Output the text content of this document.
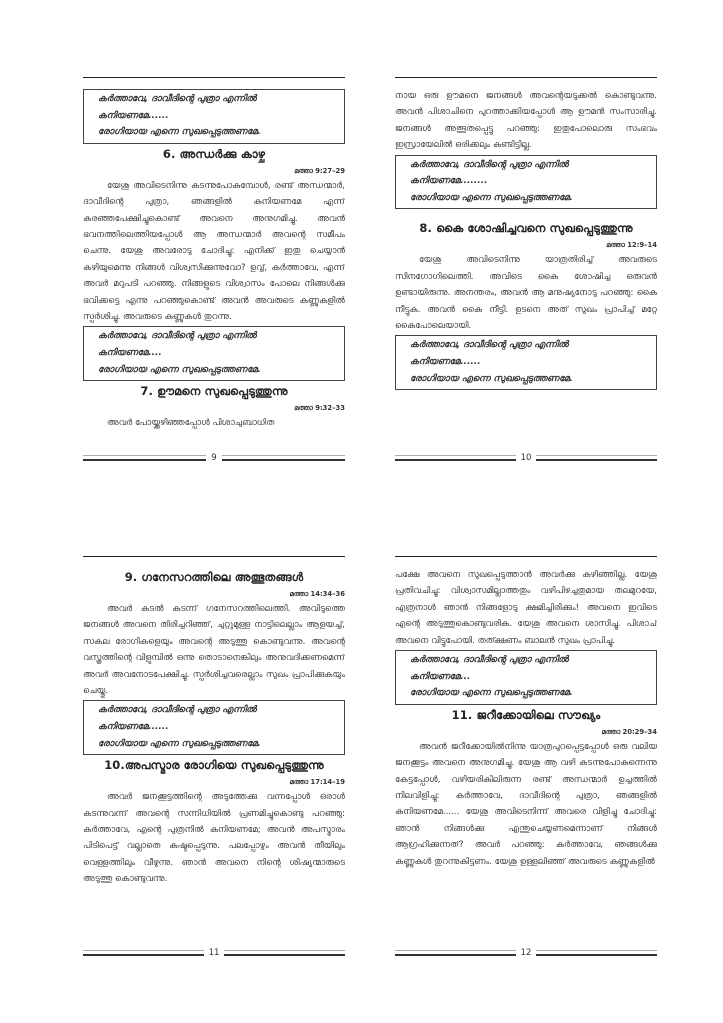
കർത്താവേ, ദാവീദിന്റെ പുത്രാ എന്നിൽ
കനിയണമേ......
രോഗിയായ എന്നെ സുഖപ്പെടുത്തണമേ.
6. അന്ധർക്കു കാഴ്ച
മത്താ 9:27–29

യേശു അവിടെനിന്നു കടന്നുപോകുമ്പോൾ, രണ്ട് അന്ധന്മാർ, ദാവീദിന്റെ പുത്രാ, ഞങ്ങളിൽ കനിയണമേ എന്ന് കരഞ്ഞപേക്ഷിച്ചുകൊണ്ട് അവനെ അനുഗമിച്ചു. അവൻ ഭവനത്തിലെത്തിയപ്പോൾ ആ അന്ധന്മാർ അവന്റെ സമീപം ചെന്നു. യേശു അവരോടു ചോദിച്ചു: എനിക്ക് ഇതു ചെയ്യാൻ കഴിയുമെന്നു നിങ്ങൾ വിശ്വസിക്കുന്നുവോ? ഉവ്വ്, കർത്താവേ, എന്ന് അവർ മറുപടി പറഞ്ഞു. നിങ്ങളുടെ വിശ്വാസം പോലെ നിങ്ങൾക്കു ഭവിക്കട്ടെ എന്നു പറഞ്ഞുകൊണ്ട് അവൻ അവരുടെ കണ്ണുകളിൽ സ്പർശിച്ചു. അവരുടെ കണ്ണുകൾ തുറന്നു.

കർത്താവേ, ദാവീദിന്റെ പുത്രാ എന്നിൽ
കനിയണമേ....
രോഗിയായ എന്നെ സുഖപ്പെടുത്തണമേ.
7. ഊമനെ സുഖപ്പെടുത്തുന്നു
മത്താ 9:32–33

അവർ പോയ്ക്കഴിഞ്ഞപ്പോൾ പിശാചുബാധിത

9

നായ ഒരു ഊമനെ ജനങ്ങൾ അവന്റെയടുക്കൽ കൊണ്ടുവന്നു. അവൻ പിശാചിനെ പുറത്താക്കിയപ്പോൾ ആ ഊമൻ സംസാരിച്ചു. ജനങ്ങൾ അത്ഭുതപ്പെട്ടു പറഞ്ഞു: ഇതുപോലൊരു സംഭവം ഇസ്രായേലിൽ ഒരിക്കലും കണ്ടിട്ടില്ല.

കർത്താവേ, ദാവീദിന്റെ പുത്രാ എന്നിൽ
കനിയണമേ........
രോഗിയായ എന്നെ സുഖപ്പെടുത്തണമേ.
8. കൈ ശോഷിച്ചവനെ സുഖപ്പെടുത്തുന്നു
മത്താ 12:9–14

യേശു അവിടെനിന്നു യാത്രതിരിച്ച് അവരുടെ സിനഗോഗിലെത്തി. അവിടെ കൈ ശോഷിച്ച ഒരുവൻ ഉണ്ടായിരുന്നു. അനന്തരം, അവൻ ആ മനുഷ്യനോടു പറഞ്ഞു: കൈ നീട്ടുക. അവൻ കൈ നീട്ടി. ഉടനെ അത് സുഖം പ്രാപിച്ച് മറ്റേ കൈപോലെയായി.

കർത്താവേ, ദാവീദിന്റെ പുത്രാ എന്നിൽ
കനിയണമേ......
രോഗിയായ എന്നെ സുഖപ്പെടുത്തണമേ.
10
9. ഗനേസറത്തിലെ അത്ഭുതങ്ങൾ
മത്താ 14:34–36

അവർ കടൽ കടന്ന് ഗനേസറത്തിലെത്തി. അവിടുത്തെ ജനങ്ങൾ അവനെ തിരിച്ചറിഞ്ഞ്, ചുറ്റുമുള്ള നാട്ടിലെല്ലാം ആളയച്ച്, സകല രോഗികളെയും അവന്റെ അടുത്തു കൊണ്ടുവന്നു. അവന്റെ വസ്ത്രത്തിന്റെ വിളുമ്പിൽ ഒന്നു തൊടാനെങ്കിലും അനുവദിക്കണമെന്ന് അവർ അവനോടപേക്ഷിച്ചു. സ്പർശിച്ചവരെല്ലാം സുഖം പ്രാപിക്കുകയും ചെയ്തു.

കർത്താവേ, ദാവീദിന്റെ പുത്രാ എന്നിൽ
കനിയണമേ......
രോഗിയായ എന്നെ സുഖപ്പെടുത്തണമേ.
10.അപസ്മാര രോഗിയെ സുഖപ്പെടുത്തുന്നു
മത്താ 17:14–19

അവർ ജനക്കൂട്ടത്തിന്റെ അടുത്തേക്കു വന്നപ്പോൾ ഒരാൾ കടന്നുവന്ന് അവന്റെ സന്നിധിയിൽ പ്രണമിച്ചുകൊണ്ടു പറഞ്ഞു: കർത്താവേ, എന്റെ പുത്രനിൽ കനിയണമേ; അവൻ അപസ്മാരം പിടിപെട്ട് വല്ലാതെ കഷ്ടപ്പെടുന്നു. പലപ്പോഴും അവൻ തീയിലും വെള്ളത്തിലും വീഴുന്നു. ഞാൻ അവനെ നിന്റെ ശിഷ്യന്മാരുടെ അടുത്തു കൊണ്ടുവന്നു.

11

പക്ഷേ അവനെ സുഖപ്പെടുത്താൻ അവർക്കു കഴിഞ്ഞില്ല. യേശു പ്രതിവചിച്ചു: വിശ്വാസമില്ലാത്തതും വഴിപിഴച്ചതുമായ തലമുറയേ, എത്രനാൾ ഞാൻ നിങ്ങളോടു ക്ഷമിച്ചിരിക്കും! അവനെ ഇവിടെ എന്റെ അടുത്തുകൊണ്ടുവരിക. യേശു അവനെ ശാസിച്ചു. പിശാച് അവനെ വിട്ടുപോയി. തത്ക്ഷണം ബാലൻ സുഖം പ്രാപിച്ചു.

കർത്താവേ, ദാവീദിന്റെ പുത്രാ എന്നിൽ
കനിയണമേ...
രോഗിയായ എന്നെ സുഖപ്പെടുത്തണമേ.
11. ജറീക്കോയിലെ സൗഖ്യം
മത്താ 20:29–34

അവൻ ജറീക്കോയിൽനിന്നു യാത്രപുറപ്പെട്ടപ്പോൾ ഒരു വലിയ ജനക്കൂട്ടം അവനെ അനുഗമിച്ചു. യേശു ആ വഴി കടന്നുപോകുന്നെന്നു കേട്ടപ്പോൾ, വഴിയരികിലിരുന്ന രണ്ട് അന്ധന്മാർ ഉച്ചത്തിൽ നിലവിളിച്ചു: കർത്താവേ, ദാവീദിന്റെ പുത്രാ, ഞങ്ങളിൽ കനിയണമേ...... യേശു അവിടെനിന്ന് അവരെ വിളിച്ചു ചോദിച്ചു: ഞാൻ നിങ്ങൾക്കു എന്തുചെയ്യണമെന്നാണ് നിങ്ങൾ ആഗ്രഹിക്കുന്നത്? അവർ പറഞ്ഞു: കർത്താവേ, ഞങ്ങൾക്കു കണ്ണുകൾ തുറന്നുകിട്ടണം. യേശു ഉള്ളലിഞ്ഞ് അവരുടെ കണ്ണുകളിൽ

12
